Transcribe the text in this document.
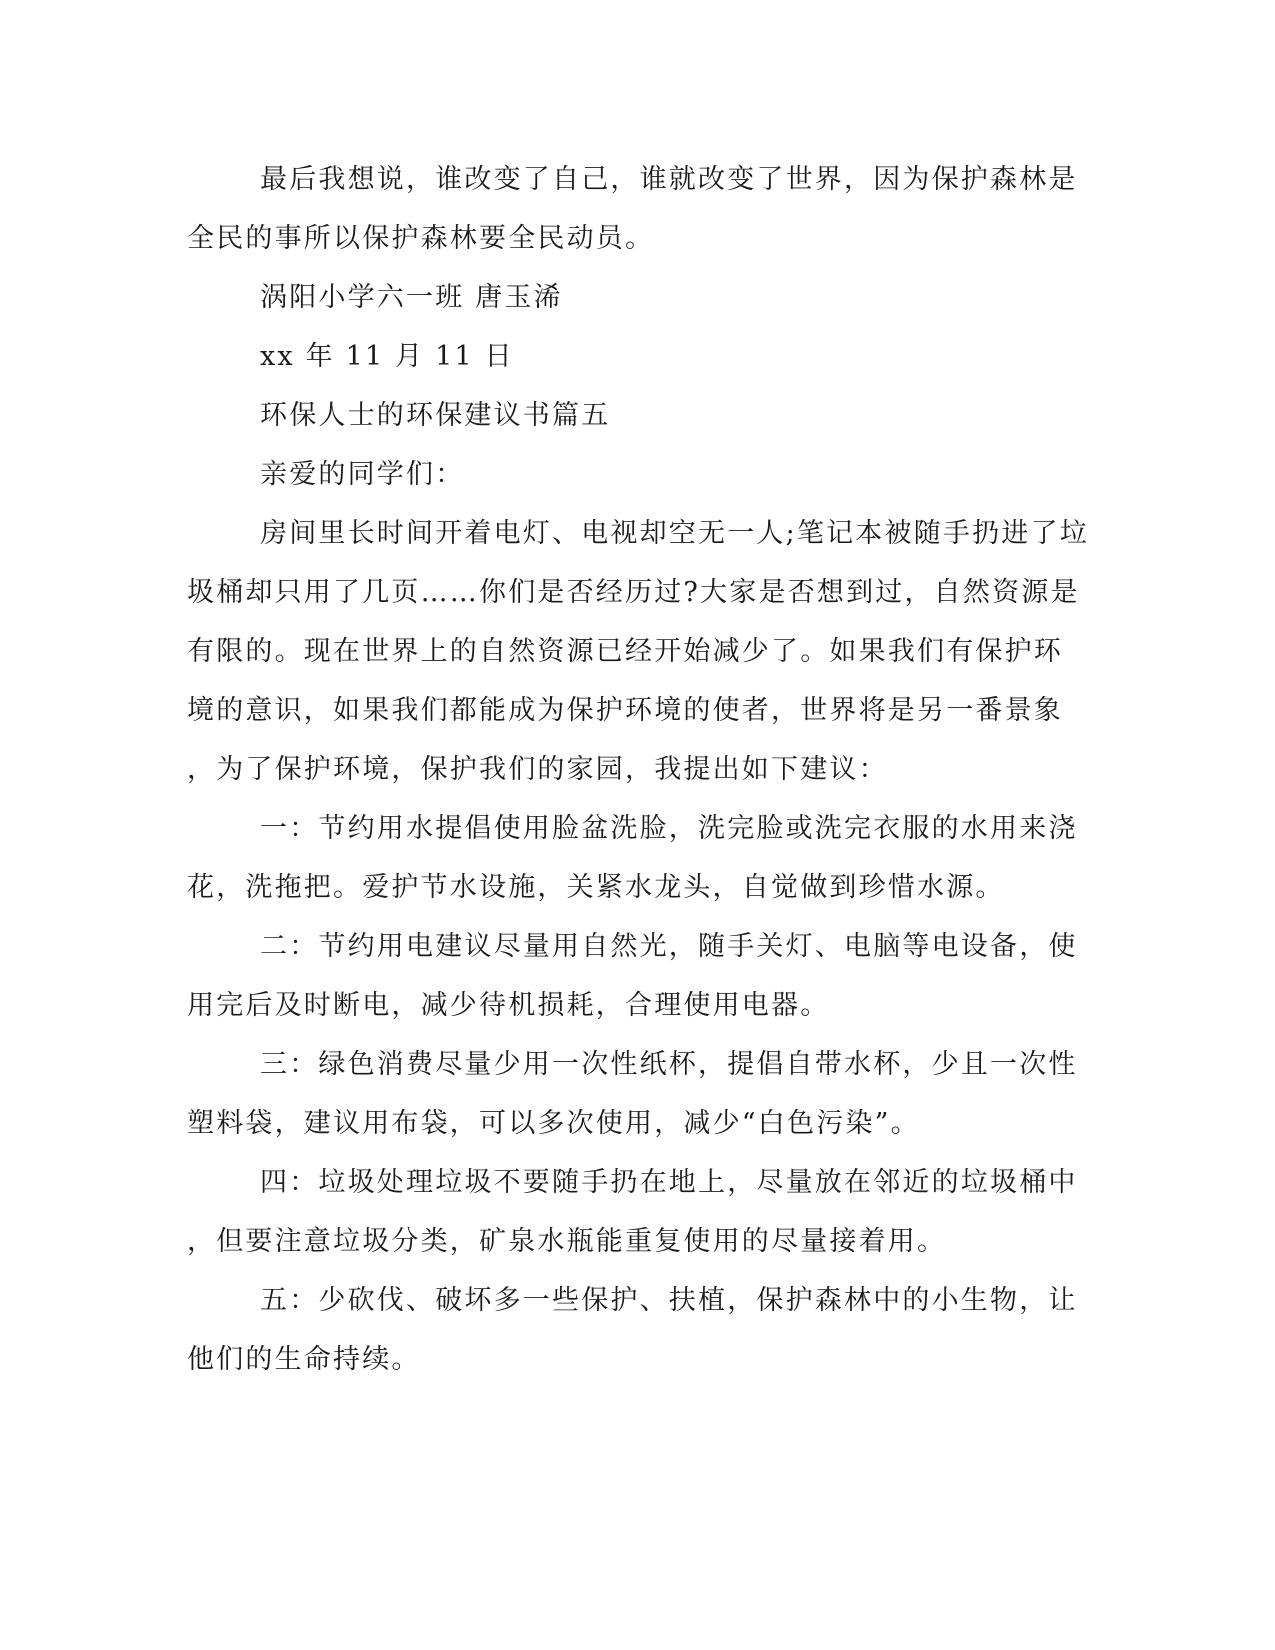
最后我想说，谁改变了自己，谁就改变了世界，因为保护森林是
全民的事所以保护森林要全民动员。
涡阳小学六一班 唐玉浠
xx 年 11 月 11 日
环保人士的环保建议书篇五
亲爱的同学们：
房间里长时间开着电灯、电视却空无一人;笔记本被随手扔进了垃
圾桶却只用了几页……你们是否经历过?大家是否想到过，自然资源是
有限的。现在世界上的自然资源已经开始减少了。如果我们有保护环
境的意识，如果我们都能成为保护环境的使者，世界将是另一番景象
，为了保护环境，保护我们的家园，我提出如下建议：
一：节约用水提倡使用脸盆洗脸，洗完脸或洗完衣服的水用来浇
花，洗拖把。爱护节水设施，关紧水龙头，自觉做到珍惜水源。
二：节约用电建议尽量用自然光，随手关灯、电脑等电设备，使
用完后及时断电，减少待机损耗，合理使用电器。
三：绿色消费尽量少用一次性纸杯，提倡自带水杯，少且一次性
塑料袋，建议用布袋，可以多次使用，减少“白色污染”。
四：垃圾处理垃圾不要随手扔在地上，尽量放在邻近的垃圾桶中
，但要注意垃圾分类，矿泉水瓶能重复使用的尽量接着用。
五：少砍伐、破坏多一些保护、扶植，保护森林中的小生物，让
他们的生命持续。
